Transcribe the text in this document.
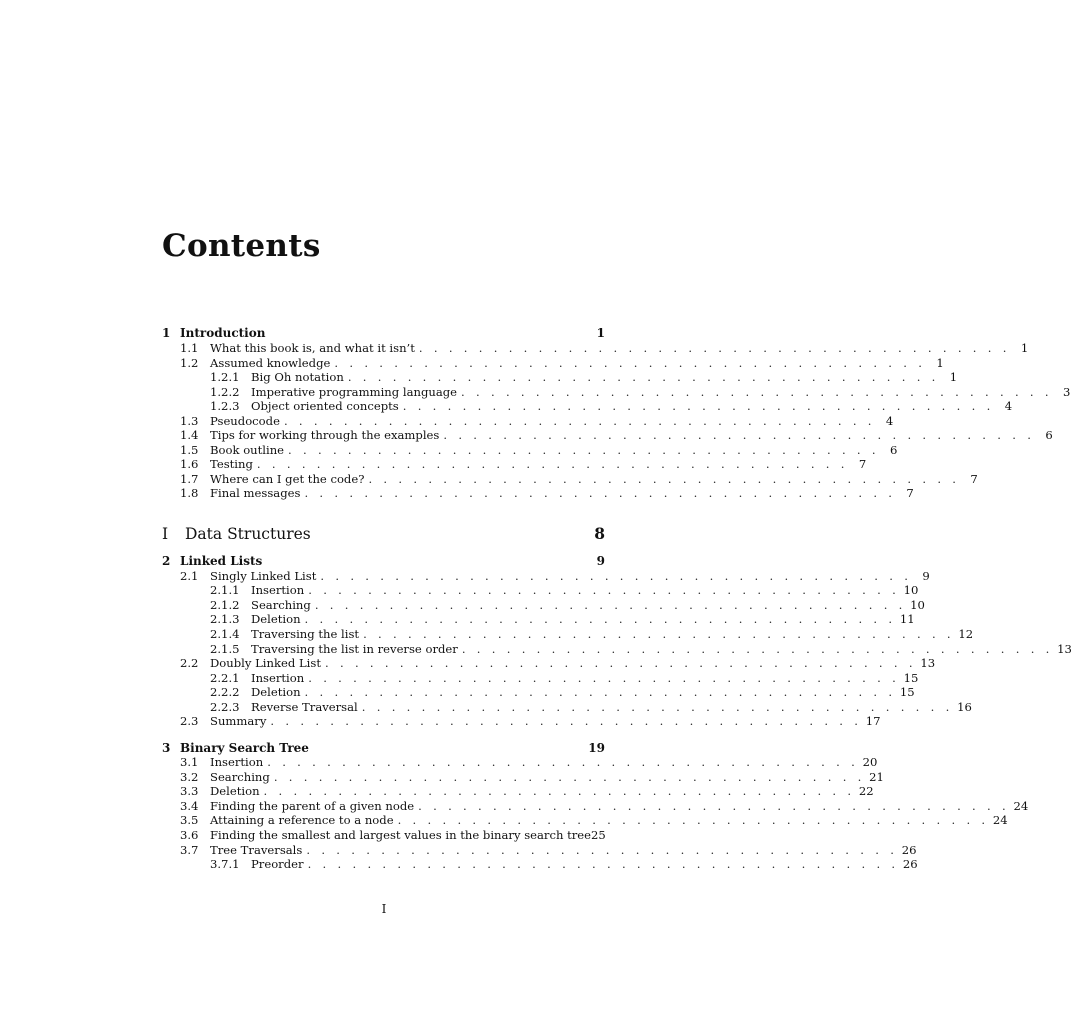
Contents
1 Introduction	1
1.1 What this book is, and what it isn’t . . . . . . . . . . . . . . . . . . . . . . . . . . . . . . . . . . . . . . . . 1
1.2 Assumed knowledge . . . . . . . . . . . . . . . . . . . . . . . . . . . . . . . . . . . . . . . . 1
1.2.1 Big Oh notation . . . . . . . . . . . . . . . . . . . . . . . . . . . . . . . . . . . . . . . . 1
1.2.2 Imperative programming language . . . . . . . . . . . . . . . . . . . . . . . . . . . . . . . . . . . . . . . . 3
1.2.3 Object oriented concepts . . . . . . . . . . . . . . . . . . . . . . . . . . . . . . . . . . . . . . . . 4
1.3 Pseudocode . . . . . . . . . . . . . . . . . . . . . . . . . . . . . . . . . . . . . . . . 4
1.4 Tips for working through the examples . . . . . . . . . . . . . . . . . . . . . . . . . . . . . . . . . . . . . . . . 6
1.5 Book outline . . . . . . . . . . . . . . . . . . . . . . . . . . . . . . . . . . . . . . . . 6
1.6 Testing . . . . . . . . . . . . . . . . . . . . . . . . . . . . . . . . . . . . . . . . 7
1.7 Where can I get the code? . . . . . . . . . . . . . . . . . . . . . . . . . . . . . . . . . . . . . . . . 7
1.8 Final messages . . . . . . . . . . . . . . . . . . . . . . . . . . . . . . . . . . . . . . . . 7
I	Data Structures	8
2 Linked Lists	9
2.1 Singly Linked List . . . . . . . . . . . . . . . . . . . . . . . . . . . . . . . . . . . . . . . . 9
2.1.1 Insertion . . . . . . . . . . . . . . . . . . . . . . . . . . . . . . . . . . . . . . . . 10
2.1.2 Searching . . . . . . . . . . . . . . . . . . . . . . . . . . . . . . . . . . . . . . . . 10
2.1.3 Deletion . . . . . . . . . . . . . . . . . . . . . . . . . . . . . . . . . . . . . . . . 11
2.1.4 Traversing the list . . . . . . . . . . . . . . . . . . . . . . . . . . . . . . . . . . . . . . . . 12
2.1.5 Traversing the list in reverse order . . . . . . . . . . . . . . . . . . . . . . . . . . . . . . . . . . . . . . . . 13
2.2 Doubly Linked List . . . . . . . . . . . . . . . . . . . . . . . . . . . . . . . . . . . . . . . . 13
2.2.1 Insertion . . . . . . . . . . . . . . . . . . . . . . . . . . . . . . . . . . . . . . . . 15
2.2.2 Deletion . . . . . . . . . . . . . . . . . . . . . . . . . . . . . . . . . . . . . . . . 15
2.2.3 Reverse Traversal . . . . . . . . . . . . . . . . . . . . . . . . . . . . . . . . . . . . . . . . 16
2.3 Summary . . . . . . . . . . . . . . . . . . . . . . . . . . . . . . . . . . . . . . . . 17
3 Binary Search Tree	19
3.1 Insertion . . . . . . . . . . . . . . . . . . . . . . . . . . . . . . . . . . . . . . . . 20
3.2 Searching . . . . . . . . . . . . . . . . . . . . . . . . . . . . . . . . . . . . . . . . 21
3.3 Deletion . . . . . . . . . . . . . . . . . . . . . . . . . . . . . . . . . . . . . . . . 22
3.4 Finding the parent of a given node . . . . . . . . . . . . . . . . . . . . . . . . . . . . . . . . . . . . . . . . 24
3.5 Attaining a reference to a node . . . . . . . . . . . . . . . . . . . . . . . . . . . . . . . . . . . . . . . . 24
3.6 Finding the smallest and largest values in the binary search tree 25
3.7 Tree Traversals . . . . . . . . . . . . . . . . . . . . . . . . . . . . . . . . . . . . . . . . 26
3.7.1 Preorder . . . . . . . . . . . . . . . . . . . . . . . . . . . . . . . . . . . . . . . . 26
I
